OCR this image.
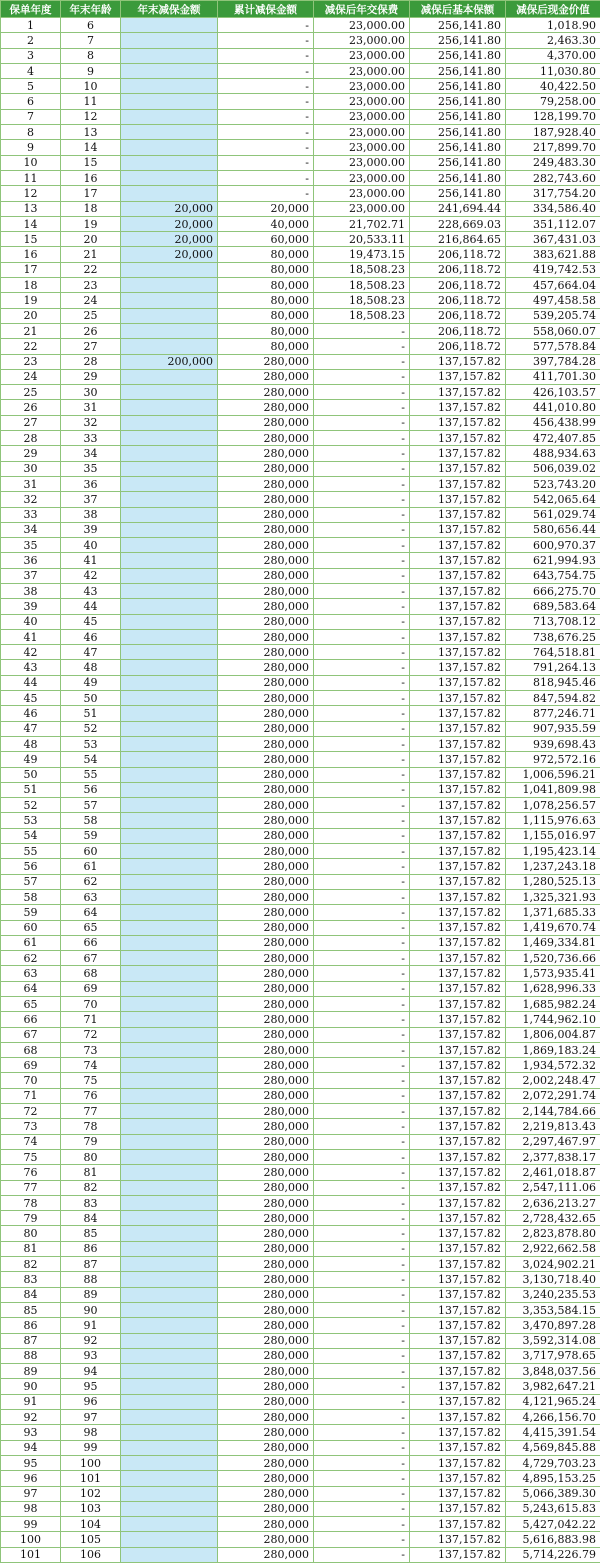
保单年度	年末年龄	年末减保金额	累计减保金额	减保后年交保费	减保后基本保额	减保后现金价值
1	6		-	23,000.00	256,141.80	1,018.90
2	7		-	23,000.00	256,141.80	2,463.30
3	8		-	23,000.00	256,141.80	4,370.00
4	9		-	23,000.00	256,141.80	11,030.80
5	10		-	23,000.00	256,141.80	40,422.50
6	11		-	23,000.00	256,141.80	79,258.00
7	12		-	23,000.00	256,141.80	128,199.70
8	13		-	23,000.00	256,141.80	187,928.40
9	14		-	23,000.00	256,141.80	217,899.70
10	15		-	23,000.00	256,141.80	249,483.30
11	16		-	23,000.00	256,141.80	282,743.60
12	17		-	23,000.00	256,141.80	317,754.20
13	18	20,000	20,000	23,000.00	241,694.44	334,586.40
14	19	20,000	40,000	21,702.71	228,669.03	351,112.07
15	20	20,000	60,000	20,533.11	216,864.65	367,431.03
16	21	20,000	80,000	19,473.15	206,118.72	383,621.88
17	22		80,000	18,508.23	206,118.72	419,742.53
18	23		80,000	18,508.23	206,118.72	457,664.04
19	24		80,000	18,508.23	206,118.72	497,458.58
20	25		80,000	18,508.23	206,118.72	539,205.74
21	26		80,000	-	206,118.72	558,060.07
22	27		80,000	-	206,118.72	577,578.84
23	28	200,000	280,000	-	137,157.82	397,784.28
24	29		280,000	-	137,157.82	411,701.30
25	30		280,000	-	137,157.82	426,103.57
26	31		280,000	-	137,157.82	441,010.80
27	32		280,000	-	137,157.82	456,438.99
28	33		280,000	-	137,157.82	472,407.85
29	34		280,000	-	137,157.82	488,934.63
30	35		280,000	-	137,157.82	506,039.02
31	36		280,000	-	137,157.82	523,743.20
32	37		280,000	-	137,157.82	542,065.64
33	38		280,000	-	137,157.82	561,029.74
34	39		280,000	-	137,157.82	580,656.44
35	40		280,000	-	137,157.82	600,970.37
36	41		280,000	-	137,157.82	621,994.93
37	42		280,000	-	137,157.82	643,754.75
38	43		280,000	-	137,157.82	666,275.70
39	44		280,000	-	137,157.82	689,583.64
40	45		280,000	-	137,157.82	713,708.12
41	46		280,000	-	137,157.82	738,676.25
42	47		280,000	-	137,157.82	764,518.81
43	48		280,000	-	137,157.82	791,264.13
44	49		280,000	-	137,157.82	818,945.46
45	50		280,000	-	137,157.82	847,594.82
46	51		280,000	-	137,157.82	877,246.71
47	52		280,000	-	137,157.82	907,935.59
48	53		280,000	-	137,157.82	939,698.43
49	54		280,000	-	137,157.82	972,572.16
50	55		280,000	-	137,157.82	1,006,596.21
51	56		280,000	-	137,157.82	1,041,809.98
52	57		280,000	-	137,157.82	1,078,256.57
53	58		280,000	-	137,157.82	1,115,976.63
54	59		280,000	-	137,157.82	1,155,016.97
55	60		280,000	-	137,157.82	1,195,423.14
56	61		280,000	-	137,157.82	1,237,243.18
57	62		280,000	-	137,157.82	1,280,525.13
58	63		280,000	-	137,157.82	1,325,321.93
59	64		280,000	-	137,157.82	1,371,685.33
60	65		280,000	-	137,157.82	1,419,670.74
61	66		280,000	-	137,157.82	1,469,334.81
62	67		280,000	-	137,157.82	1,520,736.66
63	68		280,000	-	137,157.82	1,573,935.41
64	69		280,000	-	137,157.82	1,628,996.33
65	70		280,000	-	137,157.82	1,685,982.24
66	71		280,000	-	137,157.82	1,744,962.10
67	72		280,000	-	137,157.82	1,806,004.87
68	73		280,000	-	137,157.82	1,869,183.24
69	74		280,000	-	137,157.82	1,934,572.32
70	75		280,000	-	137,157.82	2,002,248.47
71	76		280,000	-	137,157.82	2,072,291.74
72	77		280,000	-	137,157.82	2,144,784.66
73	78		280,000	-	137,157.82	2,219,813.43
74	79		280,000	-	137,157.82	2,297,467.97
75	80		280,000	-	137,157.82	2,377,838.17
76	81		280,000	-	137,157.82	2,461,018.87
77	82		280,000	-	137,157.82	2,547,111.06
78	83		280,000	-	137,157.82	2,636,213.27
79	84		280,000	-	137,157.82	2,728,432.65
80	85		280,000	-	137,157.82	2,823,878.80
81	86		280,000	-	137,157.82	2,922,662.58
82	87		280,000	-	137,157.82	3,024,902.21
83	88		280,000	-	137,157.82	3,130,718.40
84	89		280,000	-	137,157.82	3,240,235.53
85	90		280,000	-	137,157.82	3,353,584.15
86	91		280,000	-	137,157.82	3,470,897.28
87	92		280,000	-	137,157.82	3,592,314.08
88	93		280,000	-	137,157.82	3,717,978.65
89	94		280,000	-	137,157.82	3,848,037.56
90	95		280,000	-	137,157.82	3,982,647.21
91	96		280,000	-	137,157.82	4,121,965.24
92	97		280,000	-	137,157.82	4,266,156.70
93	98		280,000	-	137,157.82	4,415,391.54
94	99		280,000	-	137,157.82	4,569,845.88
95	100		280,000	-	137,157.82	4,729,703.23
96	101		280,000	-	137,157.82	4,895,153.25
97	102		280,000	-	137,157.82	5,066,389.30
98	103		280,000	-	137,157.82	5,243,615.83
99	104		280,000	-	137,157.82	5,427,042.22
100	105		280,000	-	137,157.82	5,616,883.98
101	106		280,000	-	137,157.82	5,714,226.79
